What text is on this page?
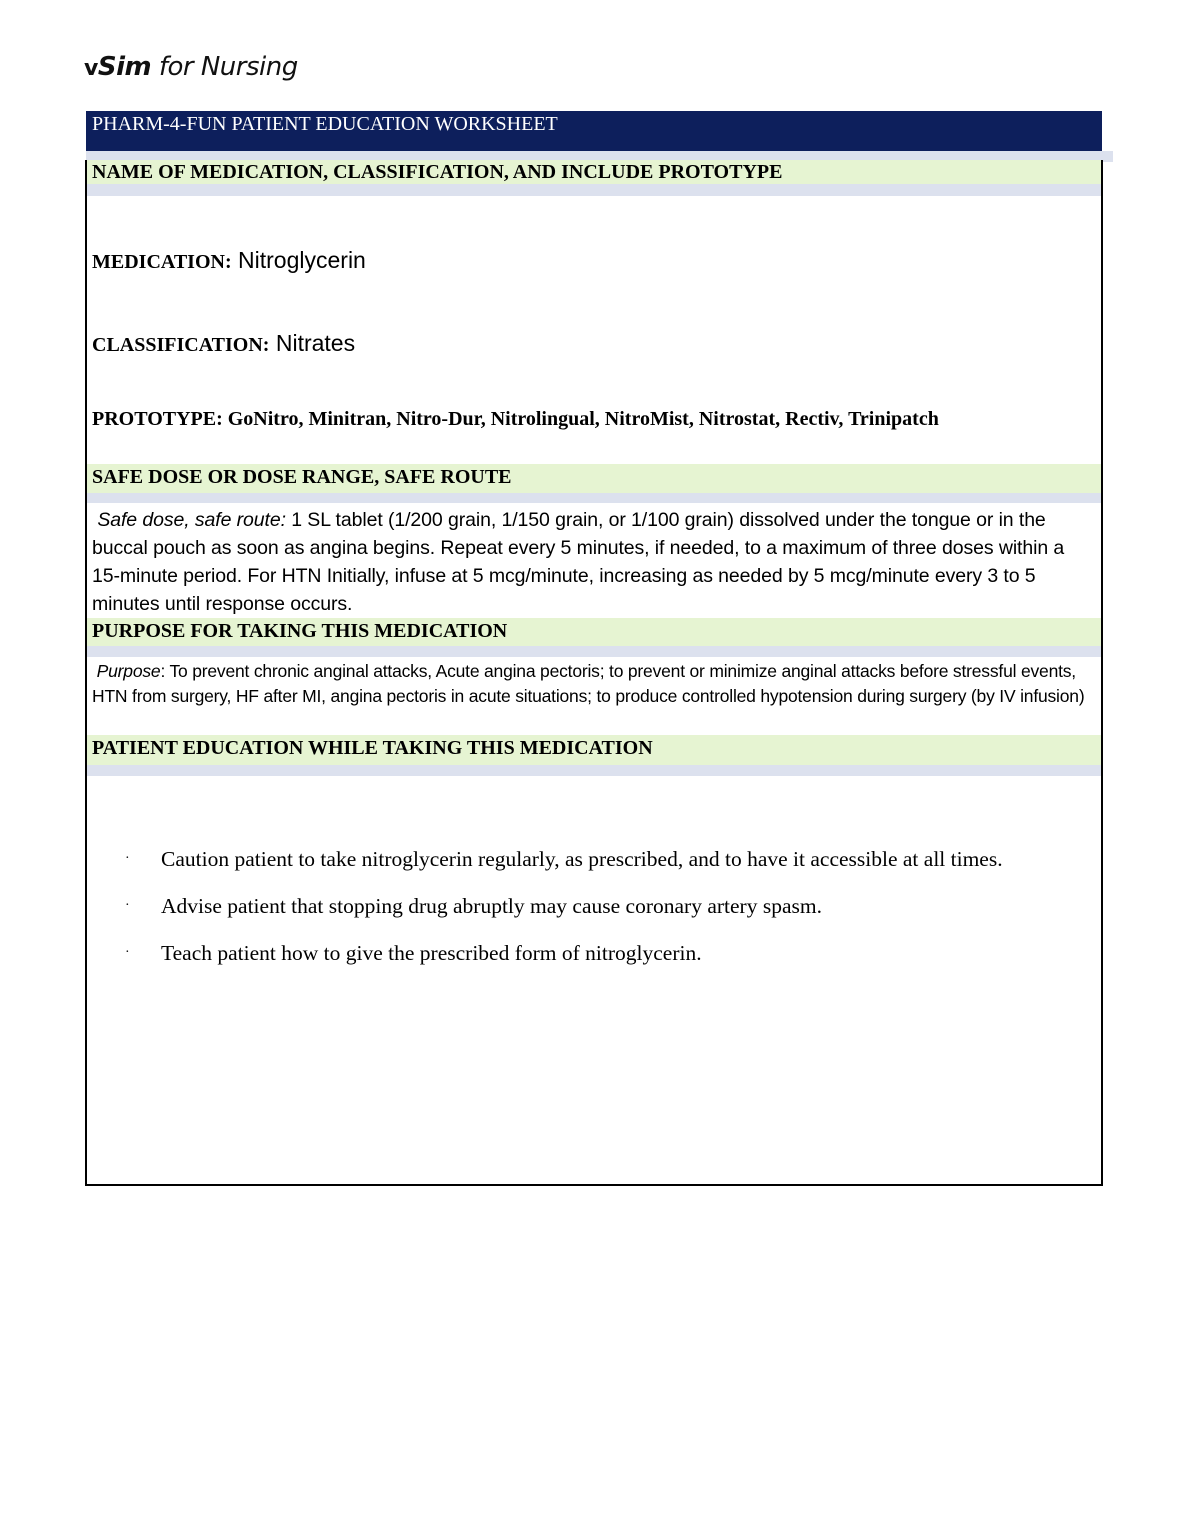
vSim for Nursing
PHARM-4-FUN PATIENT EDUCATION WORKSHEET
NAME OF MEDICATION, CLASSIFICATION, AND INCLUDE PROTOTYPE
MEDICATION: Nitroglycerin
CLASSIFICATION: Nitrates
PROTOTYPE: GoNitro, Minitran, Nitro-Dur, Nitrolingual, NitroMist, Nitrostat, Rectiv, Trinipatch
SAFE DOSE OR DOSE RANGE, SAFE ROUTE
Safe dose, safe route: 1 SL tablet (1/200 grain, 1/150 grain, or 1/100 grain) dissolved under the tongue or in the buccal pouch as soon as angina begins. Repeat every 5 minutes, if needed, to a maximum of three doses within a 15-minute period. For HTN Initially, infuse at 5 mcg/minute, increasing as needed by 5 mcg/minute every 3 to 5 minutes until response occurs.
PURPOSE FOR TAKING THIS MEDICATION
Purpose: To prevent chronic anginal attacks, Acute angina pectoris; to prevent or minimize anginal attacks before stressful events, HTN from surgery, HF after MI, angina pectoris in acute situations; to produce controlled hypotension during surgery (by IV infusion)
PATIENT EDUCATION WHILE TAKING THIS MEDICATION
· Caution patient to take nitroglycerin regularly, as prescribed, and to have it accessible at all times.
· Advise patient that stopping drug abruptly may cause coronary artery spasm.
· Teach patient how to give the prescribed form of nitroglycerin.
